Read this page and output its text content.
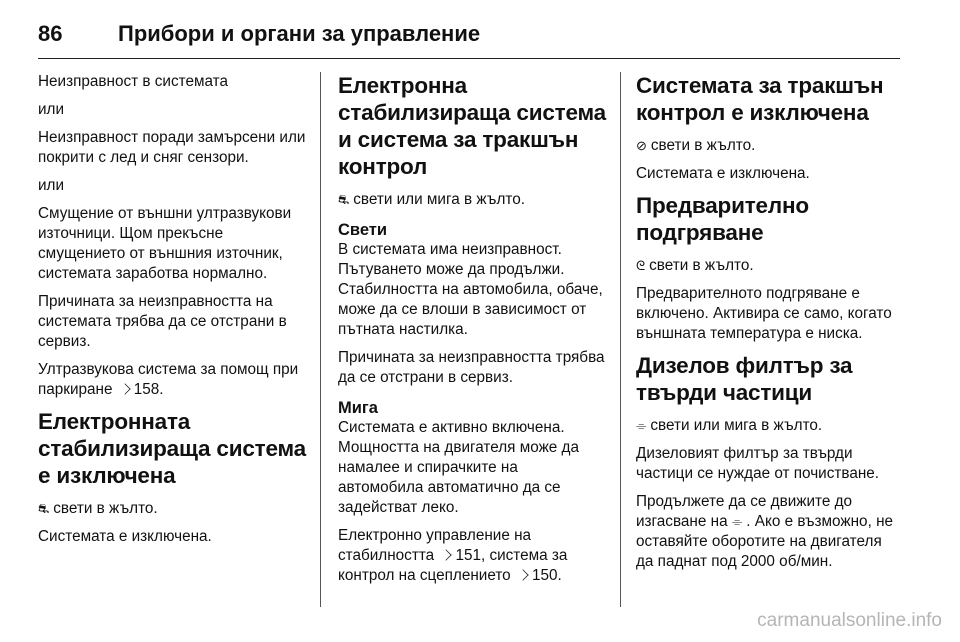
86	Прибори и органи за управление

Неизправност в системата

или

Неизправност поради замърсени или покрити с лед и сняг сензори.

или

Смущение от външни ултразвукови източници. Щом прекъсне смущението от външния източник, системата заработва нормално.

Причината за неизправността на системата трябва да се отстрани в сервиз.

Ултразвукова система за помощ при паркиране 158.

Електронната стабилизираща система е изключена

⛐ свети в жълто.

Системата е изключена.

Електронна стабилизираща система и система за тракшън контрол

⛐ свети или мига в жълто.

Свети

В системата има неизправност. Пътуването може да продължи. Стабилността на автомобила, обаче, може да се влоши в зависимост от пътната настилка.

Причината за неизправността трябва да се отстрани в сервиз.

Мига

Системата е активно включена. Мощността на двигателя може да намалее и спирачките на автомобила автоматично да се задействат леко.

Електронно управление на стабилността 151, система за контрол на сцеплението 150.

Системата за тракшън контрол е изключена

⊘ свети в жълто.

Системата е изключена.

Предварително подгряване

ᘓ свети в жълто.

Предварителното подгряване е включено. Активира се само, когато външната температура е ниска.

Дизелов филтър за твърди частици

⌯ свети или мига в жълто.

Дизеловият филтър за твърди частици се нуждае от почистване.

Продължете да се движите до изгасване на ⌯ . Ако е възможно, не оставяйте оборотите на двигателя да паднат под 2000 об/мин.

carmanualsonline.info
